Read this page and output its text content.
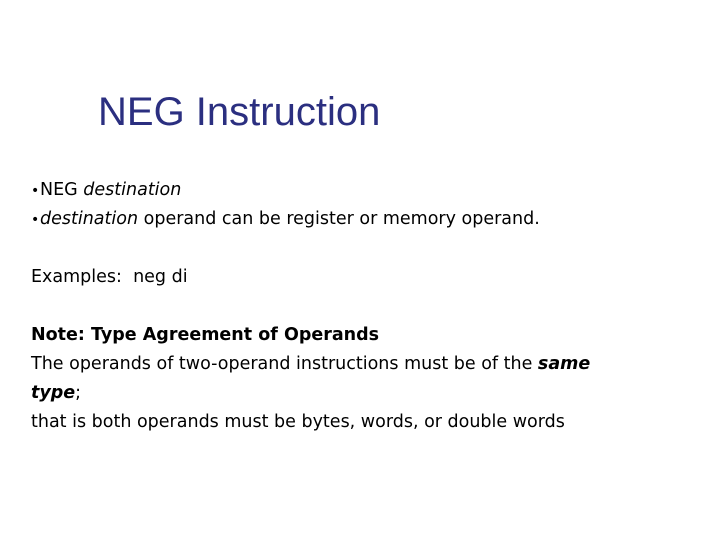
NEG Instruction
•NEG destination
•destination operand can be register or memory operand.
Examples: neg di
Note: Type Agreement of Operands
The operands of two-operand instructions must be of the same
type;
that is both operands must be bytes, words, or double words
